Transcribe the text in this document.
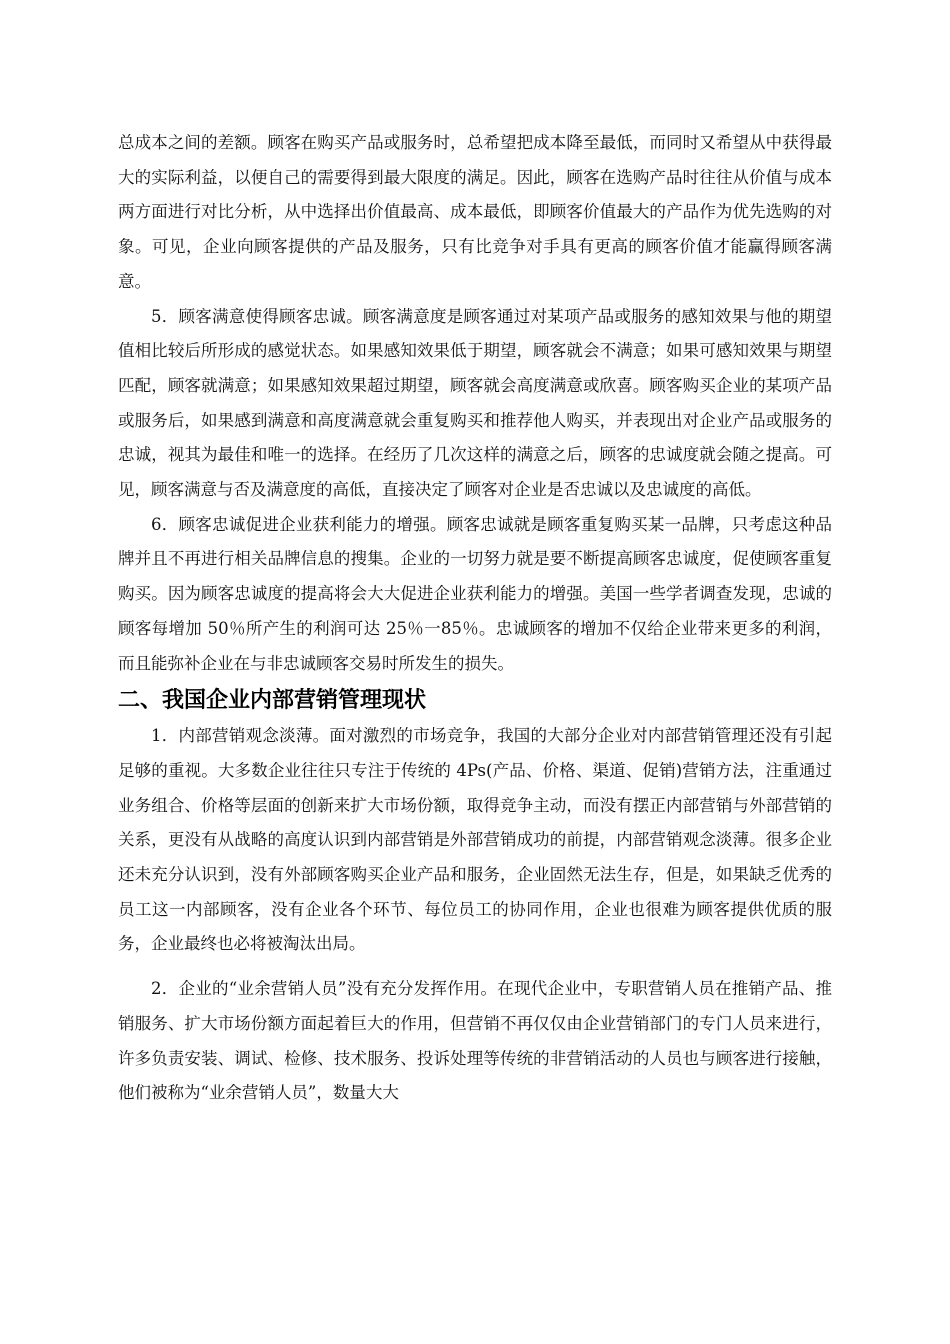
总成本之间的差额。顾客在购买产品或服务时，总希望把成本降至最低，而同时又希望从中获得最大的实际利益，以便自己的需要得到最大限度的满足。因此，顾客在选购产品时往往从价值与成本两方面进行对比分析，从中选择出价值最高、成本最低，即顾客价值最大的产品作为优先选购的对象。可见，企业向顾客提供的产品及服务，只有比竞争对手具有更高的顾客价值才能赢得顾客满意。

5．顾客满意使得顾客忠诚。顾客满意度是顾客通过对某项产品或服务的感知效果与他的期望值相比较后所形成的感觉状态。如果感知效果低于期望，顾客就会不满意；如果可感知效果与期望匹配，顾客就满意；如果感知效果超过期望，顾客就会高度满意或欣喜。顾客购买企业的某项产品或服务后，如果感到满意和高度满意就会重复购买和推荐他人购买，并表现出对企业产品或服务的忠诚，视其为最佳和唯一的选择。在经历了几次这样的满意之后，顾客的忠诚度就会随之提高。可见，顾客满意与否及满意度的高低，直接决定了顾客对企业是否忠诚以及忠诚度的高低。

6．顾客忠诚促进企业获利能力的增强。顾客忠诚就是顾客重复购买某一品牌，只考虑这种品牌并且不再进行相关品牌信息的搜集。企业的一切努力就是要不断提高顾客忠诚度，促使顾客重复购买。因为顾客忠诚度的提高将会大大促进企业获利能力的增强。美国一些学者调查发现，忠诚的顾客每增加 50％所产生的利润可达 25％一85％。忠诚顾客的增加不仅给企业带来更多的利润，而且能弥补企业在与非忠诚顾客交易时所发生的损失。

二、我国企业内部营销管理现状

1．内部营销观念淡薄。面对激烈的市场竞争，我国的大部分企业对内部营销管理还没有引起足够的重视。大多数企业往往只专注于传统的 4Ps(产品、价格、渠道、促销)营销方法，注重通过业务组合、价格等层面的创新来扩大市场份额，取得竞争主动，而没有摆正内部营销与外部营销的关系，更没有从战略的高度认识到内部营销是外部营销成功的前提，内部营销观念淡薄。很多企业还未充分认识到，没有外部顾客购买企业产品和服务，企业固然无法生存，但是，如果缺乏优秀的员工这一内部顾客，没有企业各个环节、每位员工的协同作用，企业也很难为顾客提供优质的服务，企业最终也必将被淘汰出局。

2．企业的“业余营销人员”没有充分发挥作用。在现代企业中，专职营销人员在推销产品、推销服务、扩大市场份额方面起着巨大的作用，但营销不再仅仅由企业营销部门的专门人员来进行，许多负责安装、调试、检修、技术服务、投诉处理等传统的非营销活动的人员也与顾客进行接触，他们被称为“业余营销人员”，数量大大
